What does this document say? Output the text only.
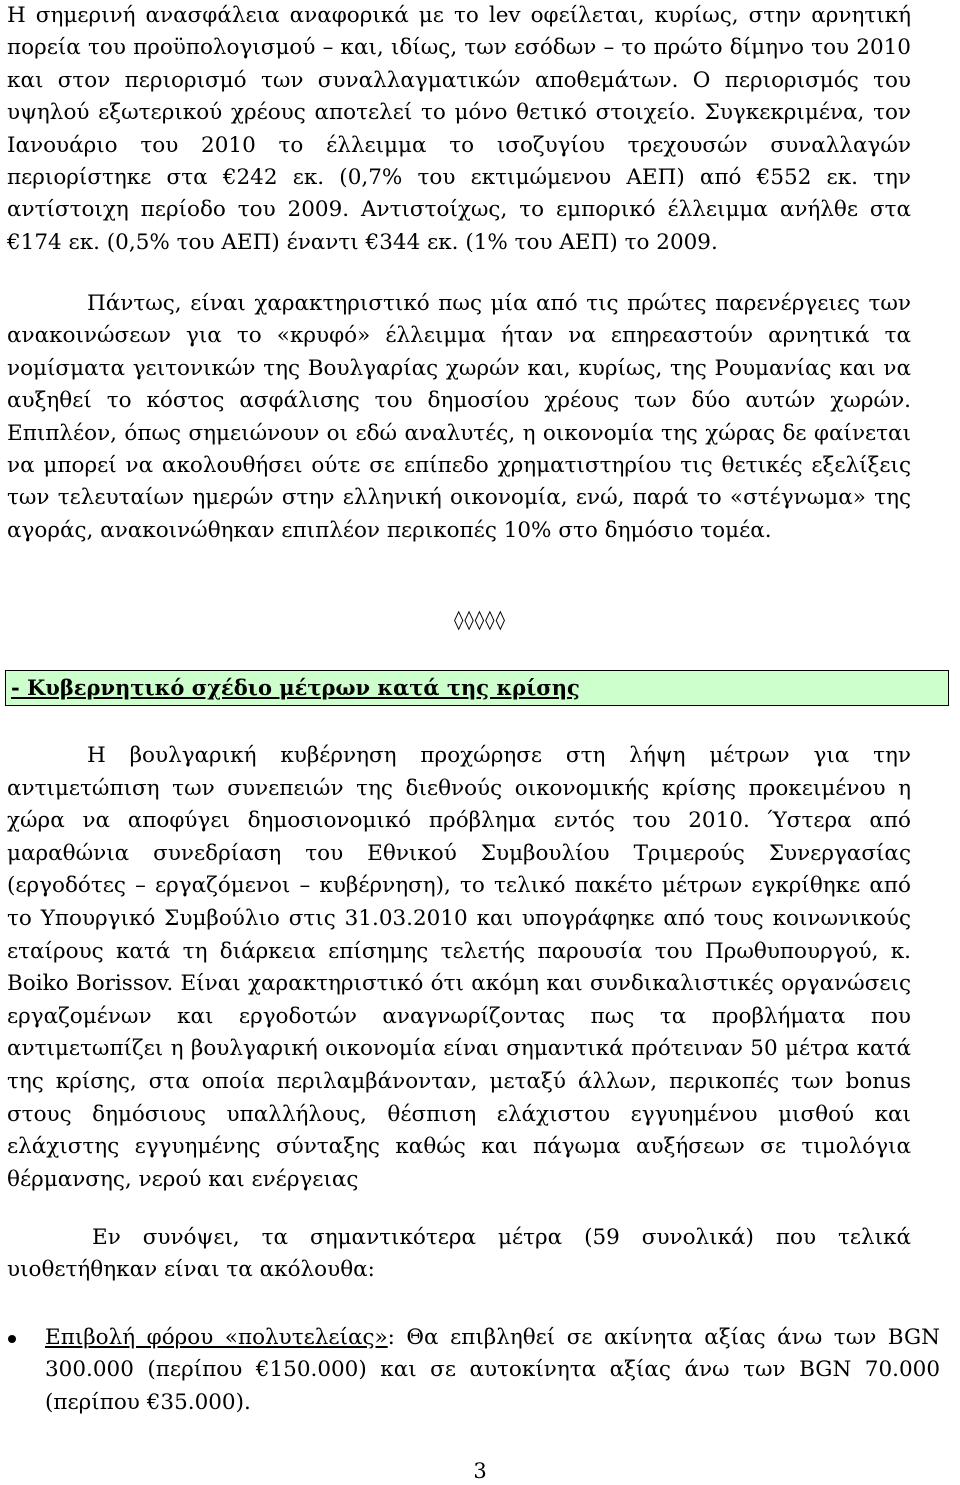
Η σημερινή ανασφάλεια αναφορικά με το lev οφείλεται, κυρίως, στην αρνητική πορεία του προϋπολογισμού – και, ιδίως, των εσόδων – το πρώτο δίμηνο του 2010 και στον περιορισμό των συναλλαγματικών αποθεμάτων. Ο περιορισμός του υψηλού εξωτερικού χρέους αποτελεί το μόνο θετικό στοιχείο. Συγκεκριμένα, τον Ιανουάριο του 2010 το έλλειμμα το ισοζυγίου τρεχουσών συναλλαγών περιορίστηκε στα €242 εκ. (0,7% του εκτιμώμενου ΑΕΠ) από €552 εκ. την αντίστοιχη περίοδο του 2009. Αντιστοίχως, το εμπορικό έλλειμμα ανήλθε στα €174 εκ. (0,5% του ΑΕΠ) έναντι €344 εκ. (1% του ΑΕΠ) το 2009.

Πάντως, είναι χαρακτηριστικό πως μία από τις πρώτες παρενέργειες των ανακοινώσεων για το «κρυφό» έλλειμμα ήταν να επηρεαστούν αρνητικά τα νομίσματα γειτονικών της Βουλγαρίας χωρών και, κυρίως, της Ρουμανίας και να αυξηθεί το κόστος ασφάλισης του δημοσίου χρέους των δύο αυτών χωρών. Επιπλέον, όπως σημειώνουν οι εδώ αναλυτές, η οικονομία της χώρας δε φαίνεται να μπορεί να ακολουθήσει ούτε σε επίπεδο χρηματιστηρίου τις θετικές εξελίξεις των τελευταίων ημερών στην ελληνική οικονομία, ενώ, παρά το «στέγνωμα» της αγοράς, ανακοινώθηκαν επιπλέον περικοπές 10% στο δημόσιο τομέα.

◊◊◊◊◊
- Κυβερνητικό σχέδιο μέτρων κατά της κρίσης

Η βουλγαρική κυβέρνηση προχώρησε στη λήψη μέτρων για την αντιμετώπιση των συνεπειών της διεθνούς οικονομικής κρίσης προκειμένου η χώρα να αποφύγει δημοσιονομικό πρόβλημα εντός του 2010. Ύστερα από μαραθώνια συνεδρίαση του Εθνικού Συμβουλίου Τριμερούς Συνεργασίας (εργοδότες – εργαζόμενοι – κυβέρνηση), το τελικό πακέτο μέτρων εγκρίθηκε από το Υπουργικό Συμβούλιο στις 31.03.2010 και υπογράφηκε από τους κοινωνικούς εταίρους κατά τη διάρκεια επίσημης τελετής παρουσία του Πρωθυπουργού, κ. Boiko Borissov. Είναι χαρακτηριστικό ότι ακόμη και συνδικαλιστικές οργανώσεις εργαζομένων και εργοδοτών αναγνωρίζοντας πως τα προβλήματα που αντιμετωπίζει η βουλγαρική οικονομία είναι σημαντικά πρότειναν 50 μέτρα κατά της κρίσης, στα οποία περιλαμβάνονταν, μεταξύ άλλων, περικοπές των bonus στους δημόσιους υπαλλήλους, θέσπιση ελάχιστου εγγυημένου μισθού και ελάχιστης εγγυημένης σύνταξης καθώς και πάγωμα αυξήσεων σε τιμολόγια θέρμανσης, νερού και ενέργειας

Εν συνόψει, τα σημαντικότερα μέτρα (59 συνολικά) που τελικά υιοθετήθηκαν είναι τα ακόλουθα:

Επιβολή φόρου «πολυτελείας»: Θα επιβληθεί σε ακίνητα αξίας άνω των BGN 300.000 (περίπου €150.000) και σε αυτοκίνητα αξίας άνω των BGN 70.000 (περίπου €35.000).
3
